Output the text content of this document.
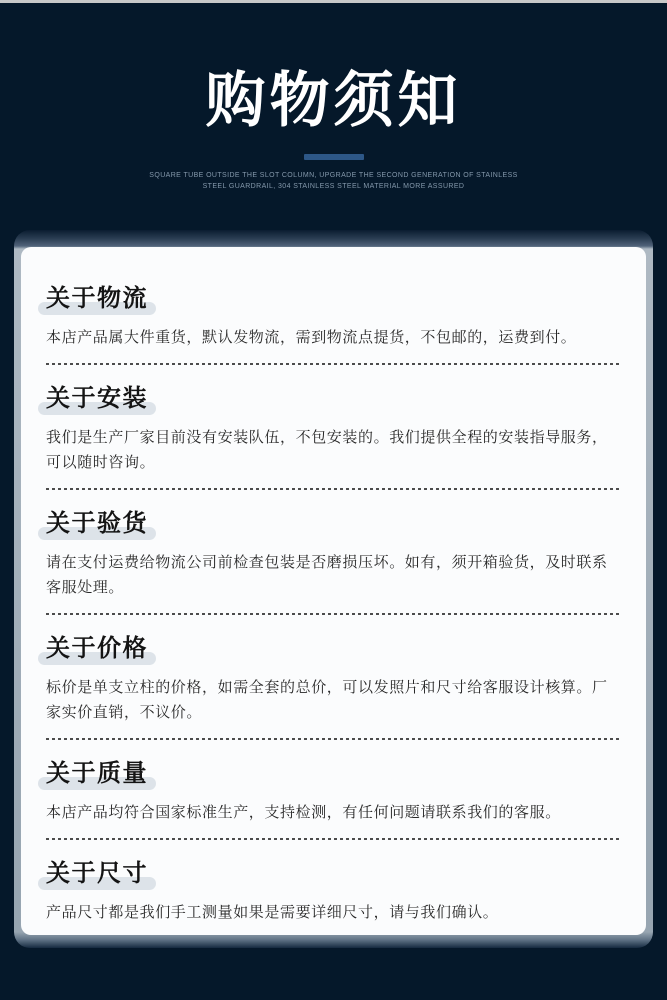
购物须知
SQUARE TUBE OUTSIDE THE SLOT COLUMN, UPGRADE THE SECOND GENERATION OF STAINLESS
STEEL GUARDRAIL, 304 STAINLESS STEEL MATERIAL MORE ASSURED
关于物流

本店产品属大件重货，默认发物流，需到物流点提货，不包邮的，运费到付。

关于安装

我们是生产厂家目前没有安装队伍，不包安装的。我们提供全程的安装指导服务，可以随时咨询。

关于验货

请在支付运费给物流公司前检查包装是否磨损压坏。如有，须开箱验货，及时联系客服处理。

关于价格

标价是单支立柱的价格，如需全套的总价，可以发照片和尺寸给客服设计核算。厂家实价直销，不议价。

关于质量

本店产品均符合国家标准生产，支持检测，有任何问题请联系我们的客服。

关于尺寸

产品尺寸都是我们手工测量如果是需要详细尺寸，请与我们确认。
